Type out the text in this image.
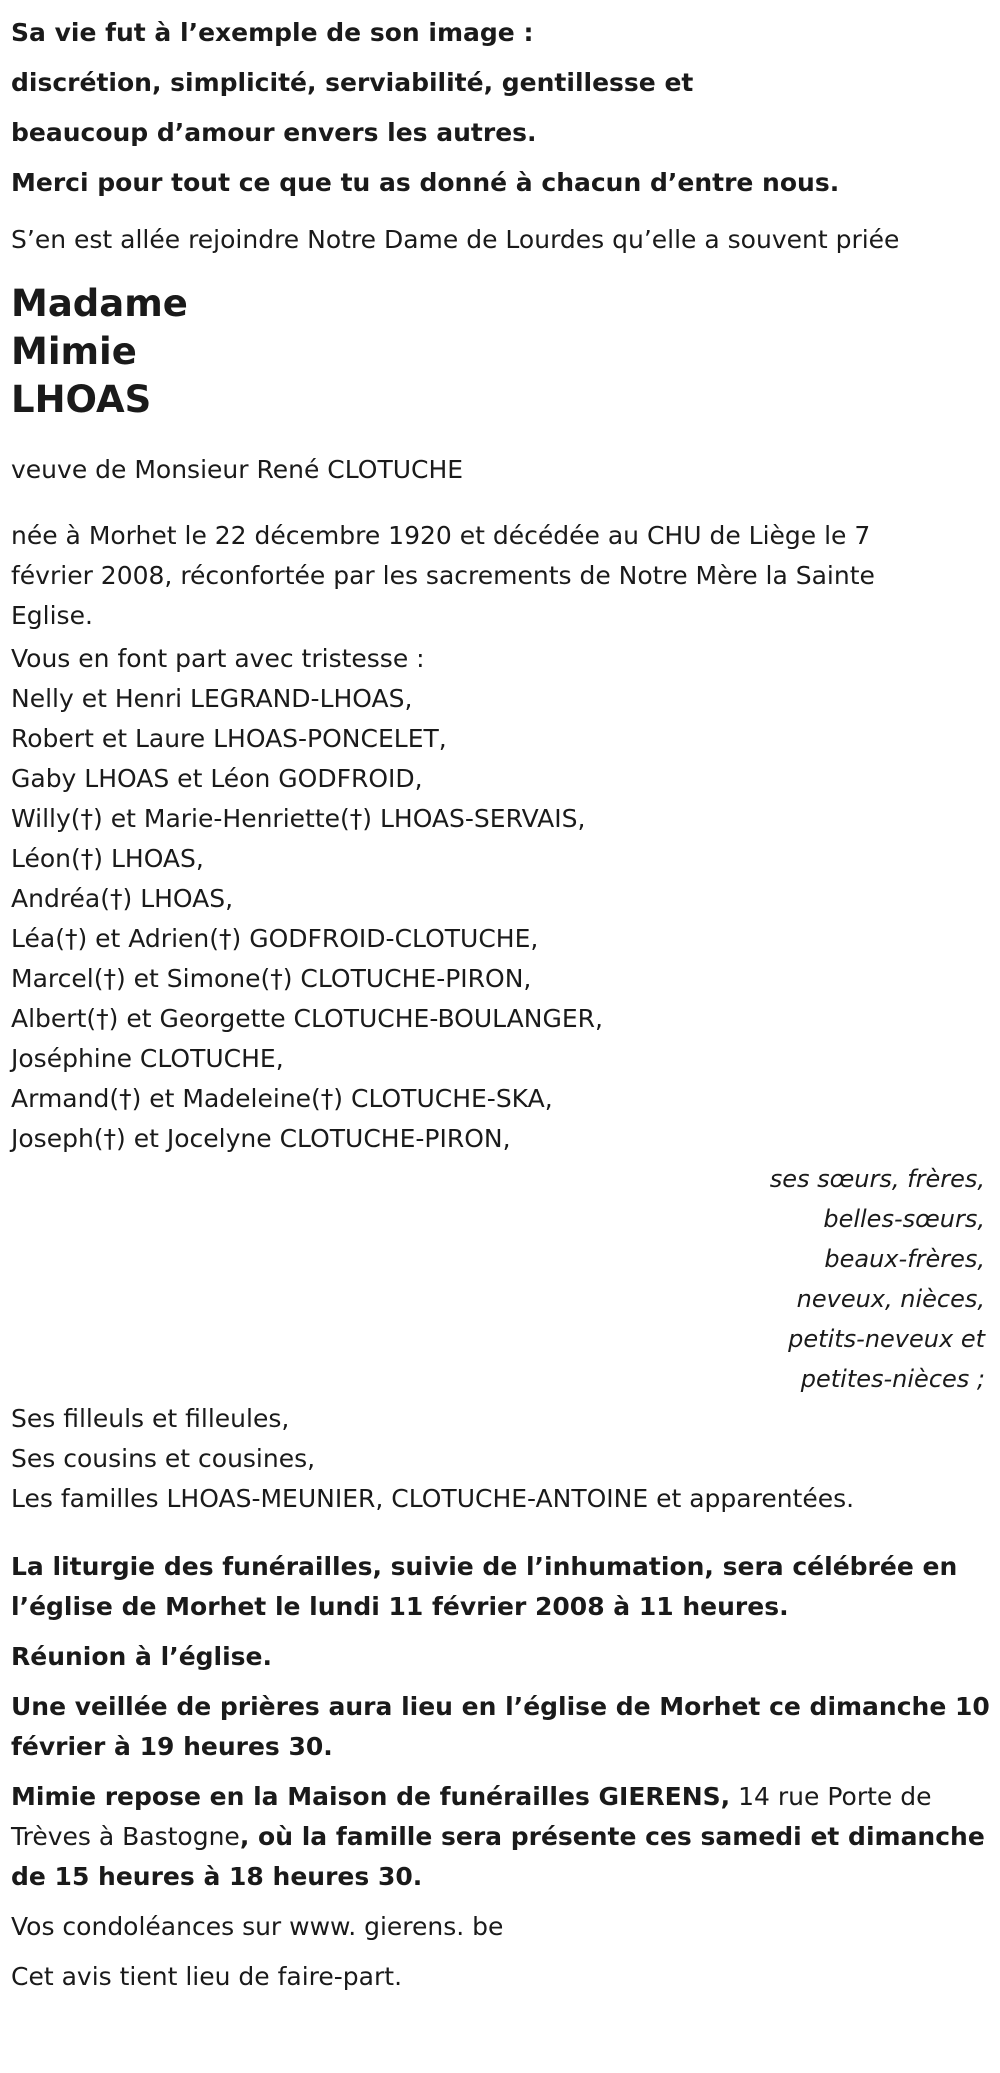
Sa vie fut à l’exemple de son image :
discrétion, simplicité, serviabilité, gentillesse et
beaucoup d’amour envers les autres.
Merci pour tout ce que tu as donné à chacun d’entre nous.
S’en est allée rejoindre Notre Dame de Lourdes qu’elle a souvent priée
Madame
Mimie
LHOAS
veuve de Monsieur René CLOTUCHE
née à Morhet le 22 décembre 1920 et décédée au CHU de Liège le 7
février 2008, réconfortée par les sacrements de Notre Mère la Sainte
Eglise.
Vous en font part avec tristesse :
Nelly et Henri LEGRAND-LHOAS,
Robert et Laure LHOAS-PONCELET,
Gaby LHOAS et Léon GODFROID,
Willy(†) et Marie-Henriette(†) LHOAS-SERVAIS,
Léon(†) LHOAS,
Andréa(†) LHOAS,
Léa(†) et Adrien(†) GODFROID-CLOTUCHE,
Marcel(†) et Simone(†) CLOTUCHE-PIRON,
Albert(†) et Georgette CLOTUCHE-BOULANGER,
Joséphine CLOTUCHE,
Armand(†) et Madeleine(†) CLOTUCHE-SKA,
Joseph(†) et Jocelyne CLOTUCHE-PIRON,
ses sœurs, frères,
belles-sœurs,
beaux-frères,
neveux, nièces,
petits-neveux et
petites-nièces ;
Ses filleuls et filleules,
Ses cousins et cousines,
Les familles LHOAS-MEUNIER, CLOTUCHE-ANTOINE et apparentées.
La liturgie des funérailles, suivie de l’inhumation, sera célébrée en
l’église de Morhet le lundi 11 février 2008 à 11 heures.
Réunion à l’église.
Une veillée de prières aura lieu en l’église de Morhet ce dimanche 10
février à 19 heures 30.
Mimie repose en la Maison de funérailles GIERENS, 14 rue Porte de
Trèves à Bastogne, où la famille sera présente ces samedi et dimanche
de 15 heures à 18 heures 30.
Vos condoléances sur www. gierens. be
Cet avis tient lieu de faire-part.
